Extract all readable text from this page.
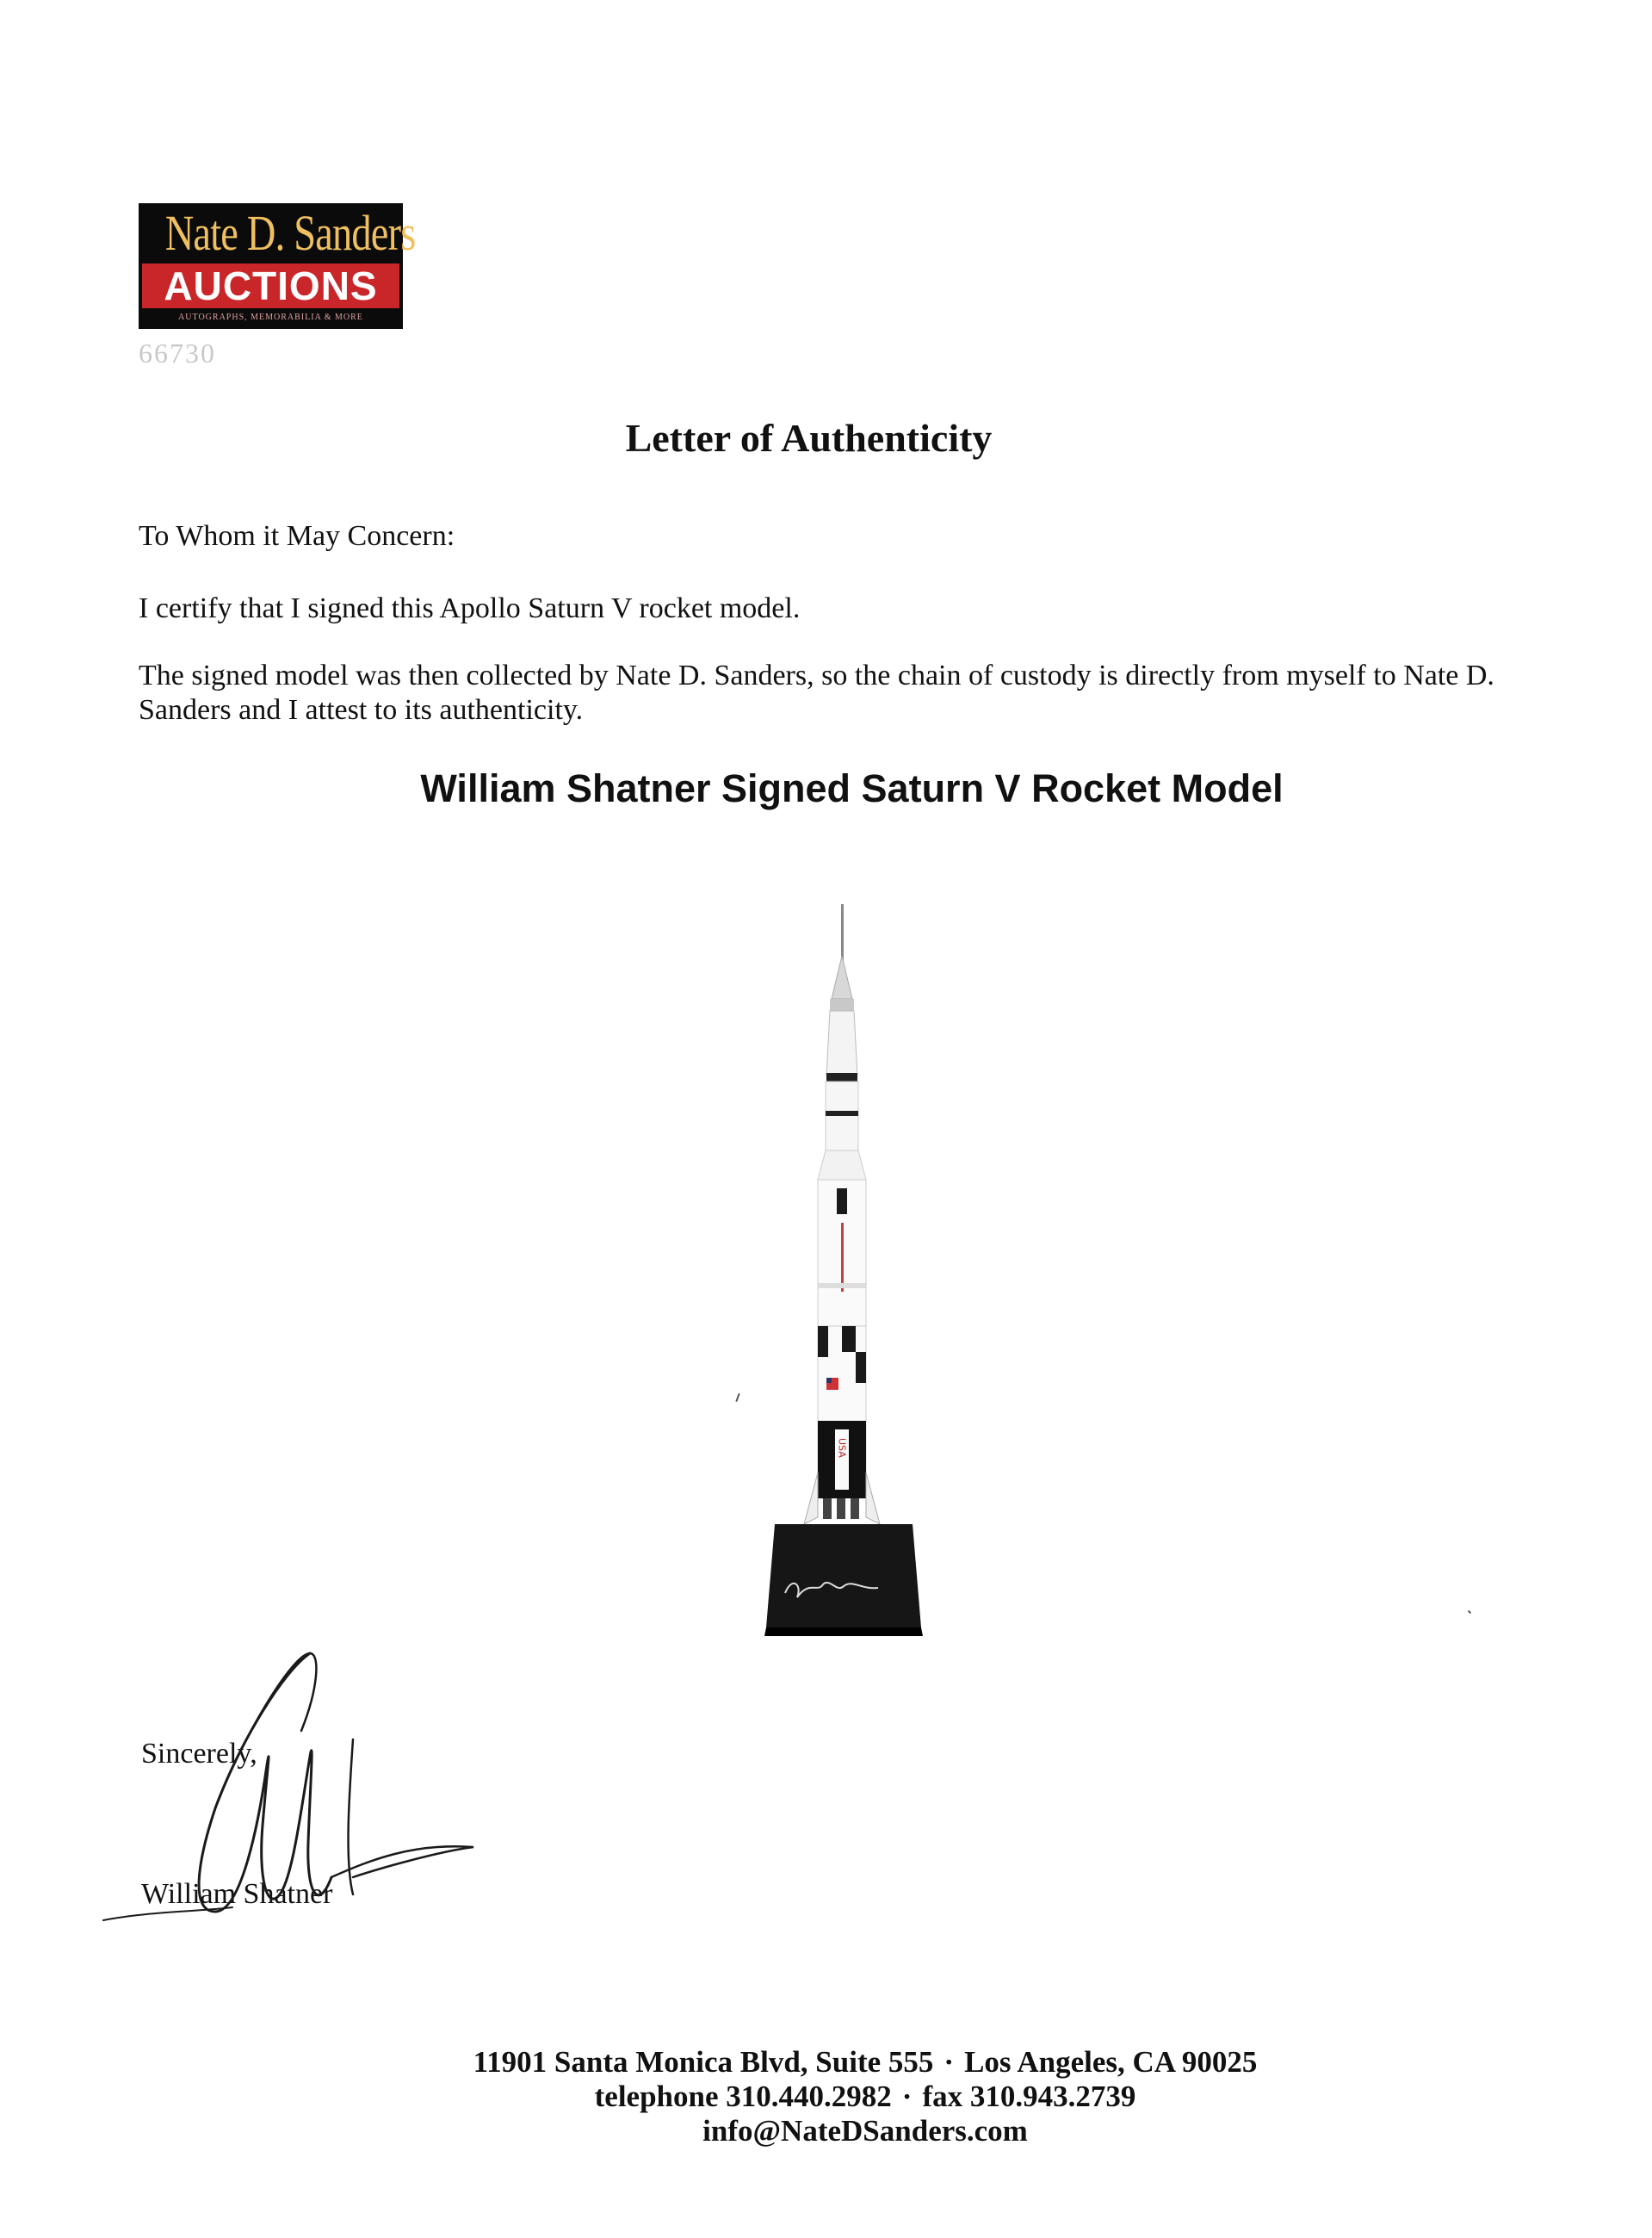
Nate D. Sanders
AUCTIONS
AUTOGRAPHS, MEMORABILIA & MORE
66730
Letter of Authenticity
To Whom it May Concern:
I certify that I signed this Apollo Saturn V rocket model.
The signed model was then collected by Nate D. Sanders, so the chain of custody is directly from myself to Nate D. Sanders and I attest to its authenticity.
William Shatner Signed Saturn V Rocket Model
USA
Sincerely,
William Shatner
11901 Santa Monica Blvd, Suite 555 · Los Angeles, CA 90025
telephone 310.440.2982 · fax 310.943.2739
info@NateDSanders.com
